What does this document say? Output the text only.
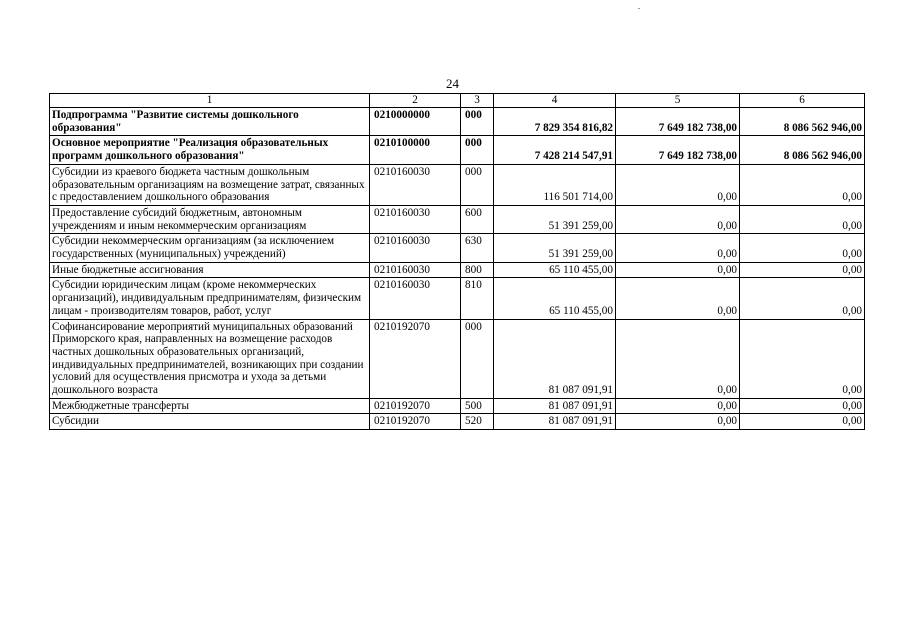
24
1	2	3	4	5	6
Подпрограмма "Развитие системы дошкольного образования"	0210000000	000	7 829 354 816,82	7 649 182 738,00	8 086 562 946,00
Основное мероприятие "Реализация образовательных программ дошкольного образования"	0210100000	000	7 428 214 547,91	7 649 182 738,00	8 086 562 946,00
Субсидии из краевого бюджета частным дошкольным образовательным организациям на возмещение затрат, связанных с предоставлением дошкольного образования	0210160030	000	116 501 714,00	0,00	0,00
Предоставление субсидий бюджетным, автономным учреждениям и иным некоммерческим организациям	0210160030	600	51 391 259,00	0,00	0,00
Субсидии некоммерческим организациям (за исключением государственных (муниципальных) учреждений)	0210160030	630	51 391 259,00	0,00	0,00
Иные бюджетные ассигнования	0210160030	800	65 110 455,00	0,00	0,00
Субсидии юридическим лицам (кроме некоммерческих организаций), индивидуальным предпринимателям, физическим лицам - производителям товаров, работ, услуг	0210160030	810	65 110 455,00	0,00	0,00
Софинансирование мероприятий муниципальных образований Приморского края, направленных на возмещение расходов частных дошкольных образовательных организаций, индивидуальных предпринимателей, возникающих при создании условий для осуществления присмотра и ухода за детьми дошкольного возраста	0210192070	000	81 087 091,91	0,00	0,00
Межбюджетные трансферты	0210192070	500	81 087 091,91	0,00	0,00
Субсидии	0210192070	520	81 087 091,91	0,00	0,00
